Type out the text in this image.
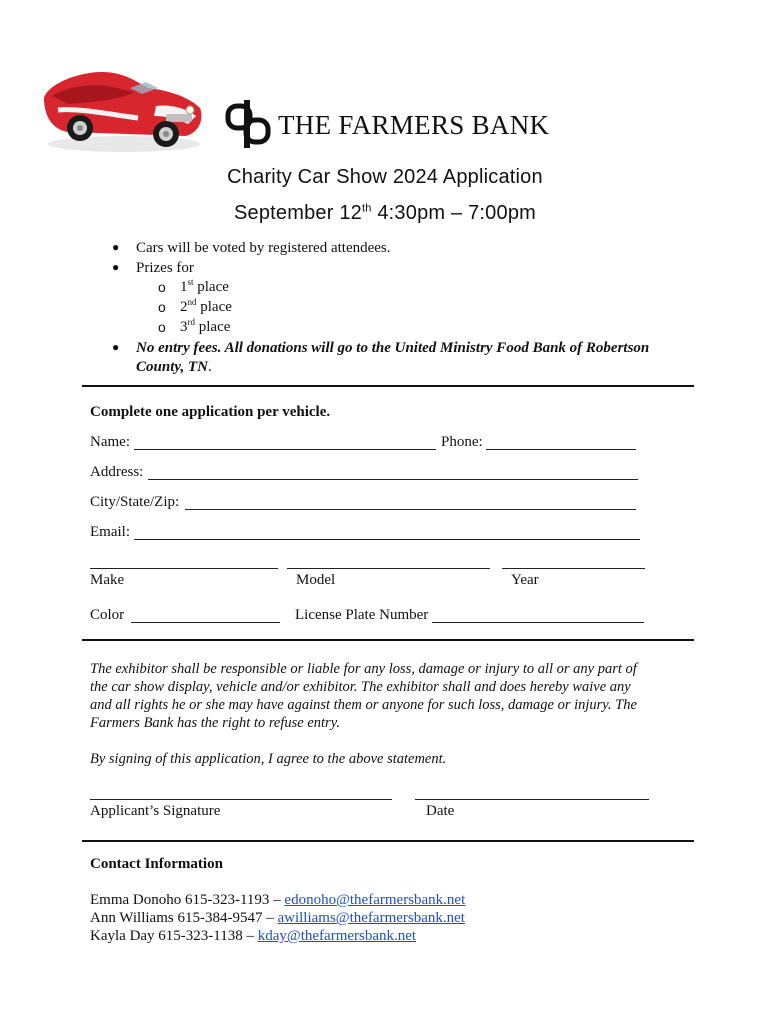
THE FARMERS BANK
Charity Car Show 2024 Application
September 12th 4:30pm – 7:00pm
● Cars will be voted by registered attendees.
● Prizes for
o 1st place
o 2nd place
o 3rd place
● No entry fees. All donations will go to the United Ministry Food Bank of Robertson
County, TN.
Complete one application per vehicle.
Name:	Phone:
Address:
City/State/Zip:
Email:
Make	Model	Year
Color	License Plate Number
The exhibitor shall be responsible or liable for any loss, damage or injury to all or any part of
the car show display, vehicle and/or exhibitor. The exhibitor shall and does hereby waive any
and all rights he or she may have against them or anyone for such loss, damage or injury. The
Farmers Bank has the right to refuse entry.
By signing of this application, I agree to the above statement.
Applicant’s Signature	Date
Contact Information
Emma Donoho 615-323-1193 – edonoho@thefarmersbank.net
Ann Williams 615-384-9547 – awilliams@thefarmersbank.net
Kayla Day 615-323-1138 – kday@thefarmersbank.net
